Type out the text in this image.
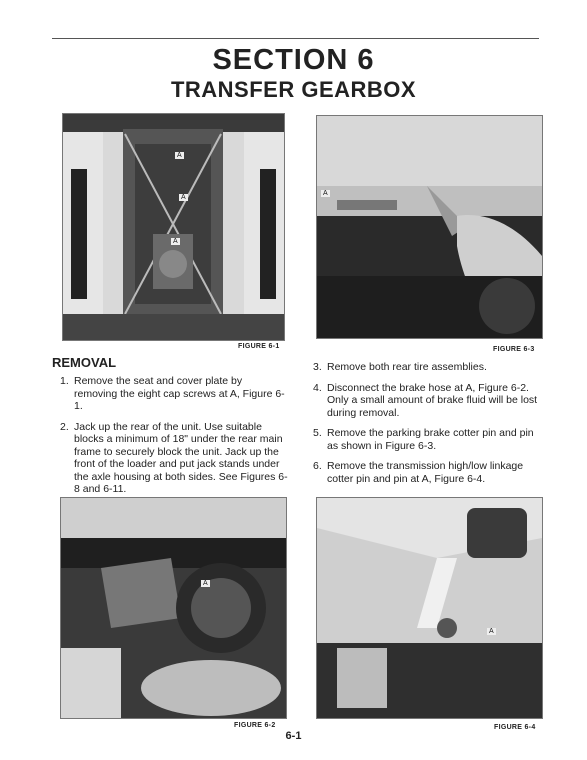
SECTION 6
TRANSFER GEARBOX
A
A
A
FIGURE 6-1
A
FIGURE 6-3
REMOVAL
1. Remove the seat and cover plate by removing the eight cap screws at A, Figure 6-1.
2. Jack up the rear of the unit. Use suitable blocks a minimum of 18" under the rear main frame to securely block the unit. Jack up the front of the loader and put jack stands under the axle housing at both sides. See Figures 6-8 and 6-11.
3. Remove both rear tire assemblies.
4. Disconnect the brake hose at A, Figure 6-2. Only a small amount of brake fluid will be lost during removal.
5. Remove the parking brake cotter pin and pin as shown in Figure 6-3.
6. Remove the transmission high/low linkage cotter pin and pin at A, Figure 6-4.
A
FIGURE 6-2
A
FIGURE 6-4
6-1
